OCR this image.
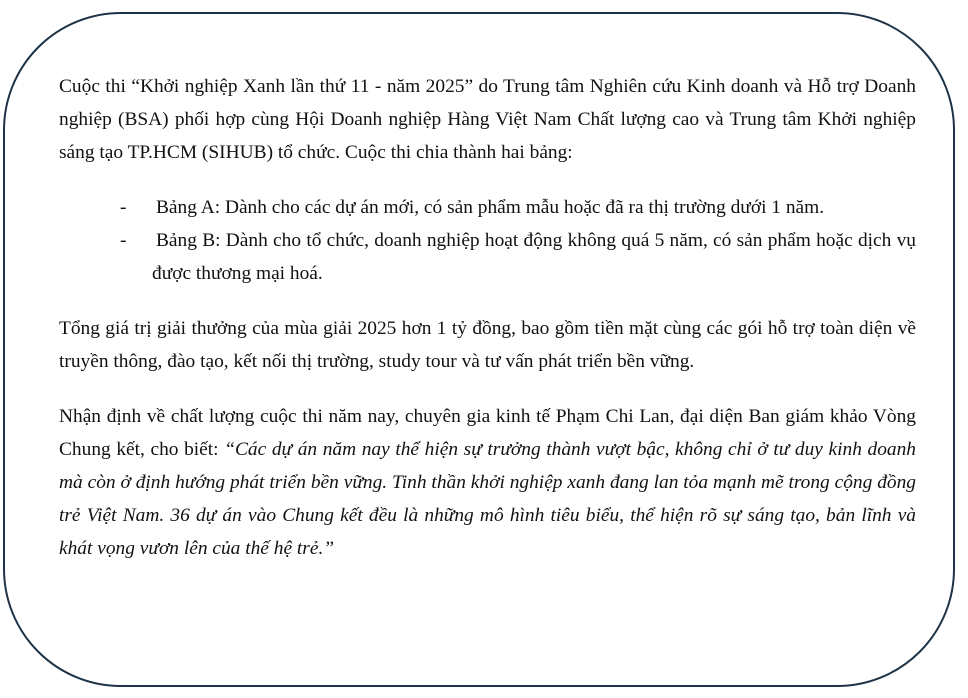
Cuộc thi “Khởi nghiệp Xanh lần thứ 11 - năm 2025” do Trung tâm Nghiên cứu Kinh doanh và Hỗ trợ Doanh nghiệp (BSA) phối hợp cùng Hội Doanh nghiệp Hàng Việt Nam Chất lượng cao và Trung tâm Khởi nghiệp sáng tạo TP.HCM (SIHUB) tổ chức. Cuộc thi chia thành hai bảng:

- Bảng A: Dành cho các dự án mới, có sản phẩm mẫu hoặc đã ra thị trường dưới 1 năm.
- Bảng B: Dành cho tổ chức, doanh nghiệp hoạt động không quá 5 năm, có sản phẩm hoặc dịch vụ được thương mại hoá.

Tổng giá trị giải thưởng của mùa giải 2025 hơn 1 tỷ đồng, bao gồm tiền mặt cùng các gói hỗ trợ toàn diện về truyền thông, đào tạo, kết nối thị trường, study tour và tư vấn phát triển bền vững.

Nhận định về chất lượng cuộc thi năm nay, chuyên gia kinh tế Phạm Chi Lan, đại diện Ban giám khảo Vòng Chung kết, cho biết: “Các dự án năm nay thể hiện sự trưởng thành vượt bậc, không chỉ ở tư duy kinh doanh mà còn ở định hướng phát triển bền vững. Tinh thần khởi nghiệp xanh đang lan tỏa mạnh mẽ trong cộng đồng trẻ Việt Nam. 36 dự án vào Chung kết đều là những mô hình tiêu biểu, thể hiện rõ sự sáng tạo, bản lĩnh và khát vọng vươn lên của thế hệ trẻ.”
